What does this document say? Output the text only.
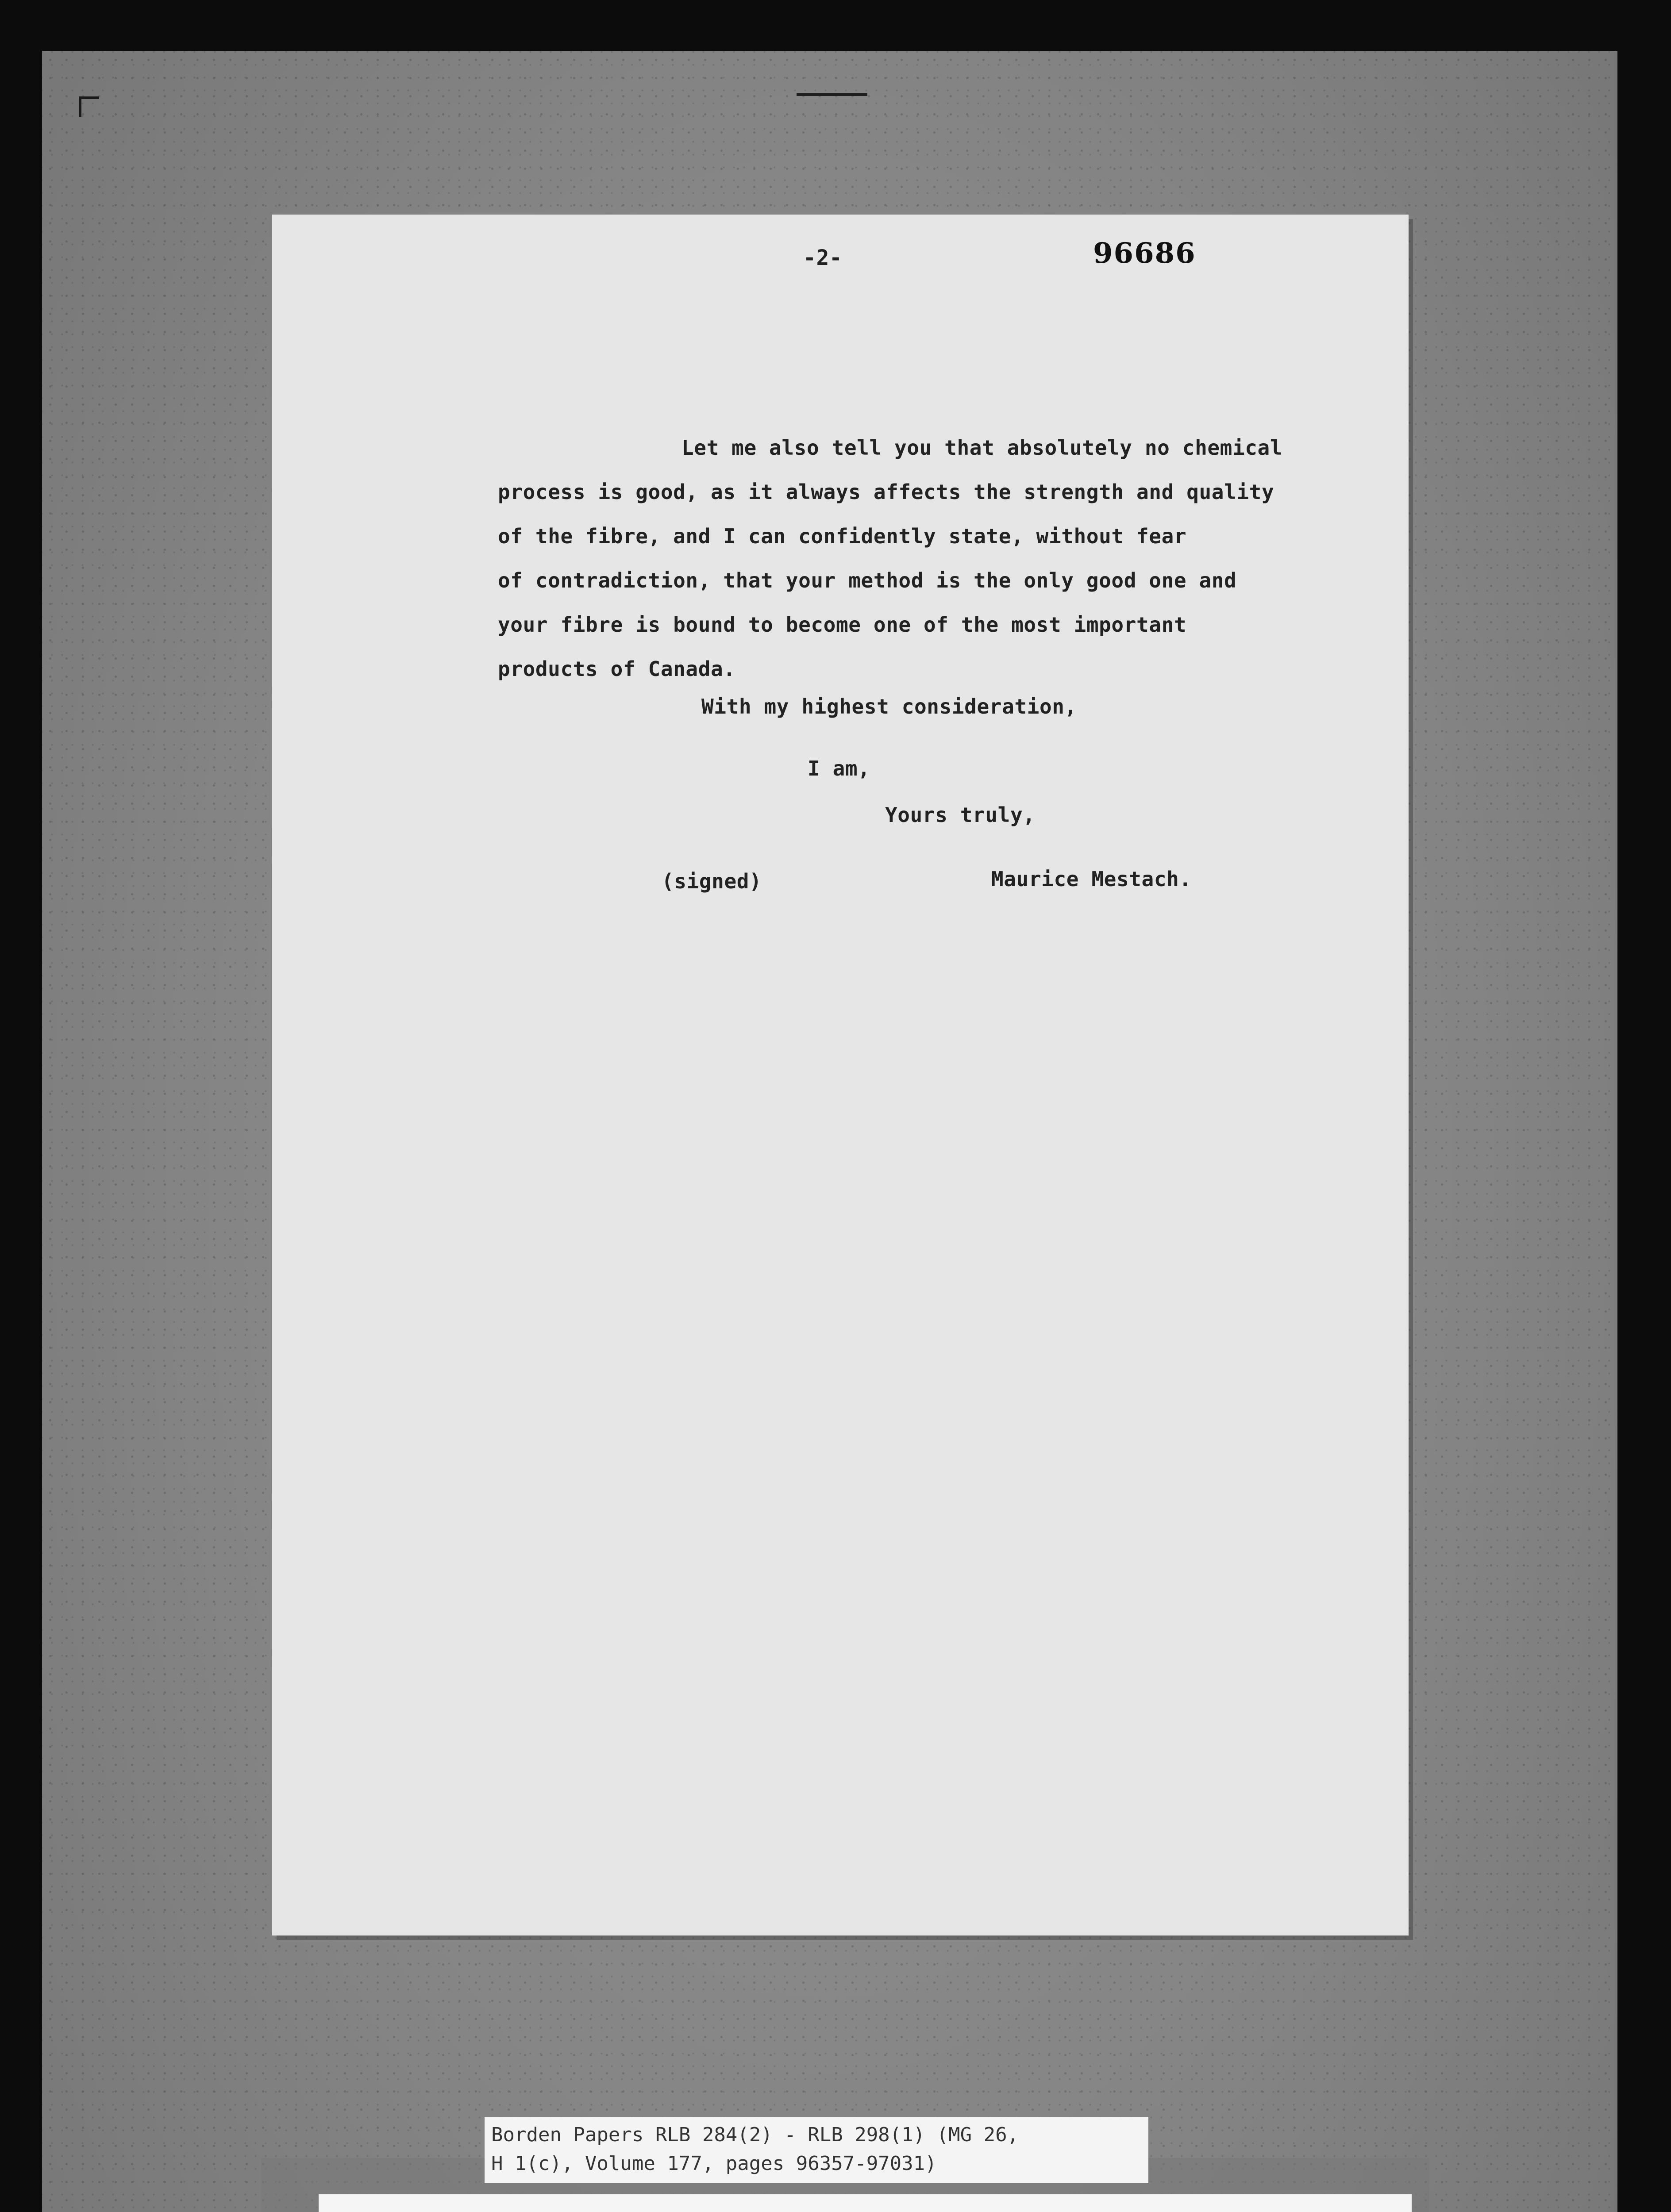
-2-	96686
Let me also tell you that absolutely no chemical
process is good, as it always affects the strength and quality
of the fibre, and I can confidently state, without fear
of contradiction, that your method is the only good one and
your fibre is bound to become one of the most important
products of Canada.
With my highest consideration,
I am,
Yours truly,
(signed)	Maurice Mestach.
Borden Papers RLB 284(2) - RLB 298(1) (MG 26,
H 1(c), Volume 177, pages 96357-97031)
